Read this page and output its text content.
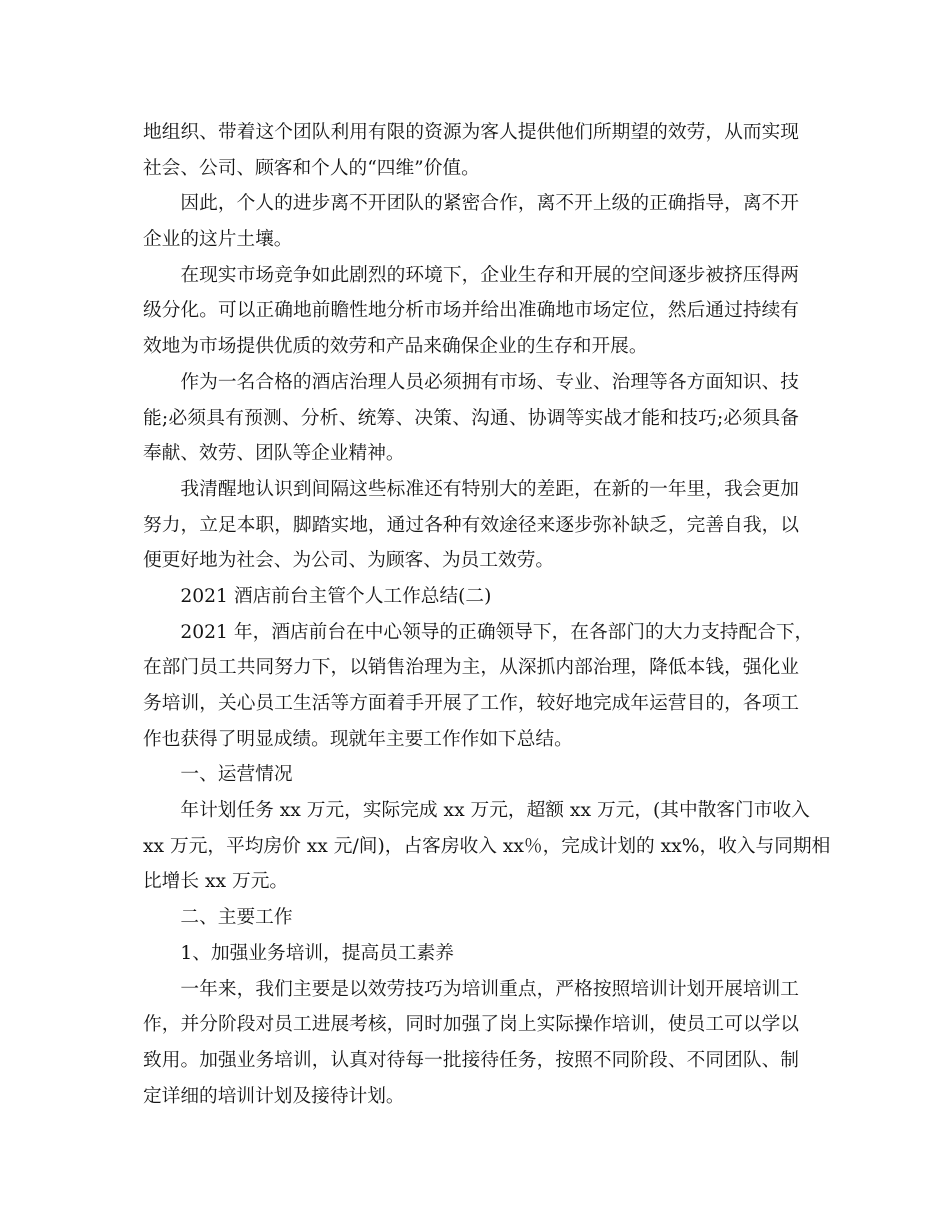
地组织、带着这个团队利用有限的资源为客人提供他们所期望的效劳，从而实现
社会、公司、顾客和个人的“四维”价值。
因此，个人的进步离不开团队的紧密合作，离不开上级的正确指导，离不开
企业的这片土壤。
在现实市场竞争如此剧烈的环境下，企业生存和开展的空间逐步被挤压得两
级分化。可以正确地前瞻性地分析市场并给出准确地市场定位，然后通过持续有
效地为市场提供优质的效劳和产品来确保企业的生存和开展。
作为一名合格的酒店治理人员必须拥有市场、专业、治理等各方面知识、技
能;必须具有预测、分析、统筹、决策、沟通、协调等实战才能和技巧;必须具备
奉献、效劳、团队等企业精神。
我清醒地认识到间隔这些标准还有特别大的差距，在新的一年里，我会更加
努力，立足本职，脚踏实地，通过各种有效途径来逐步弥补缺乏，完善自我，以
便更好地为社会、为公司、为顾客、为员工效劳。
2021 酒店前台主管个人工作总结(二)
2021 年，酒店前台在中心领导的正确领导下，在各部门的大力支持配合下，
在部门员工共同努力下，以销售治理为主，从深抓内部治理，降低本钱，强化业
务培训，关心员工生活等方面着手开展了工作，较好地完成年运营目的，各项工
作也获得了明显成绩。现就年主要工作作如下总结。
一、运营情况
年计划任务 xx 万元，实际完成 xx 万元，超额 xx 万元，(其中散客门市收入
xx 万元，平均房价 xx 元/间)，占客房收入 xx％，完成计划的 xx%，收入与同期相
比增长 xx 万元。
二、主要工作
1、加强业务培训，提高员工素养
一年来，我们主要是以效劳技巧为培训重点，严格按照培训计划开展培训工
作，并分阶段对员工进展考核，同时加强了岗上实际操作培训，使员工可以学以
致用。加强业务培训，认真对待每一批接待任务，按照不同阶段、不同团队、制
定详细的培训计划及接待计划。
